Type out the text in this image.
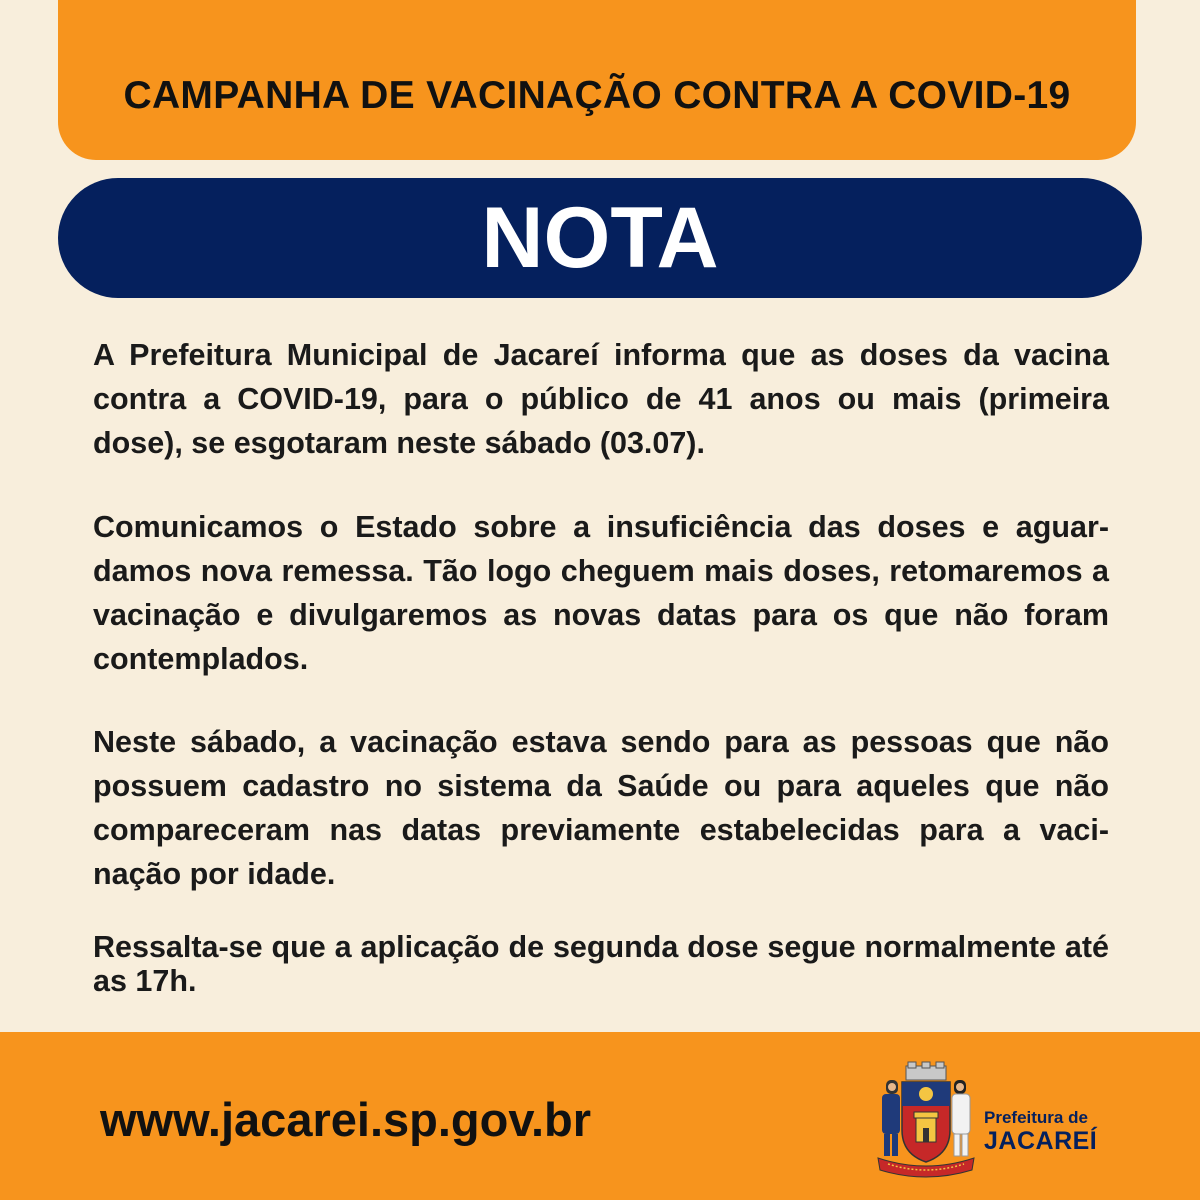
CAMPANHA DE VACINAÇÃO CONTRA A COVID-19
NOTA

A Prefeitura Municipal de Jacareí informa que as doses da vacina contra a COVID-19, para o público de 41 anos ou mais (primeira dose), se esgotaram neste sábado (03.07).

Comunicamos o Estado sobre a insuficiência das doses e aguardamos nova remessa. Tão logo cheguem mais doses, retomaremos a vacinação e divulgaremos as novas datas para os que não foram contemplados.

Neste sábado, a vacinação estava sendo para as pessoas que não possuem cadastro no sistema da Saúde ou para aqueles que não compareceram nas datas previamente estabelecidas para a vacinação por idade.

Ressalta-se que a aplicação de segunda dose segue normalmente até as 17h.

www.jacarei.sp.gov.br	Prefeitura de
JACAREÍ
